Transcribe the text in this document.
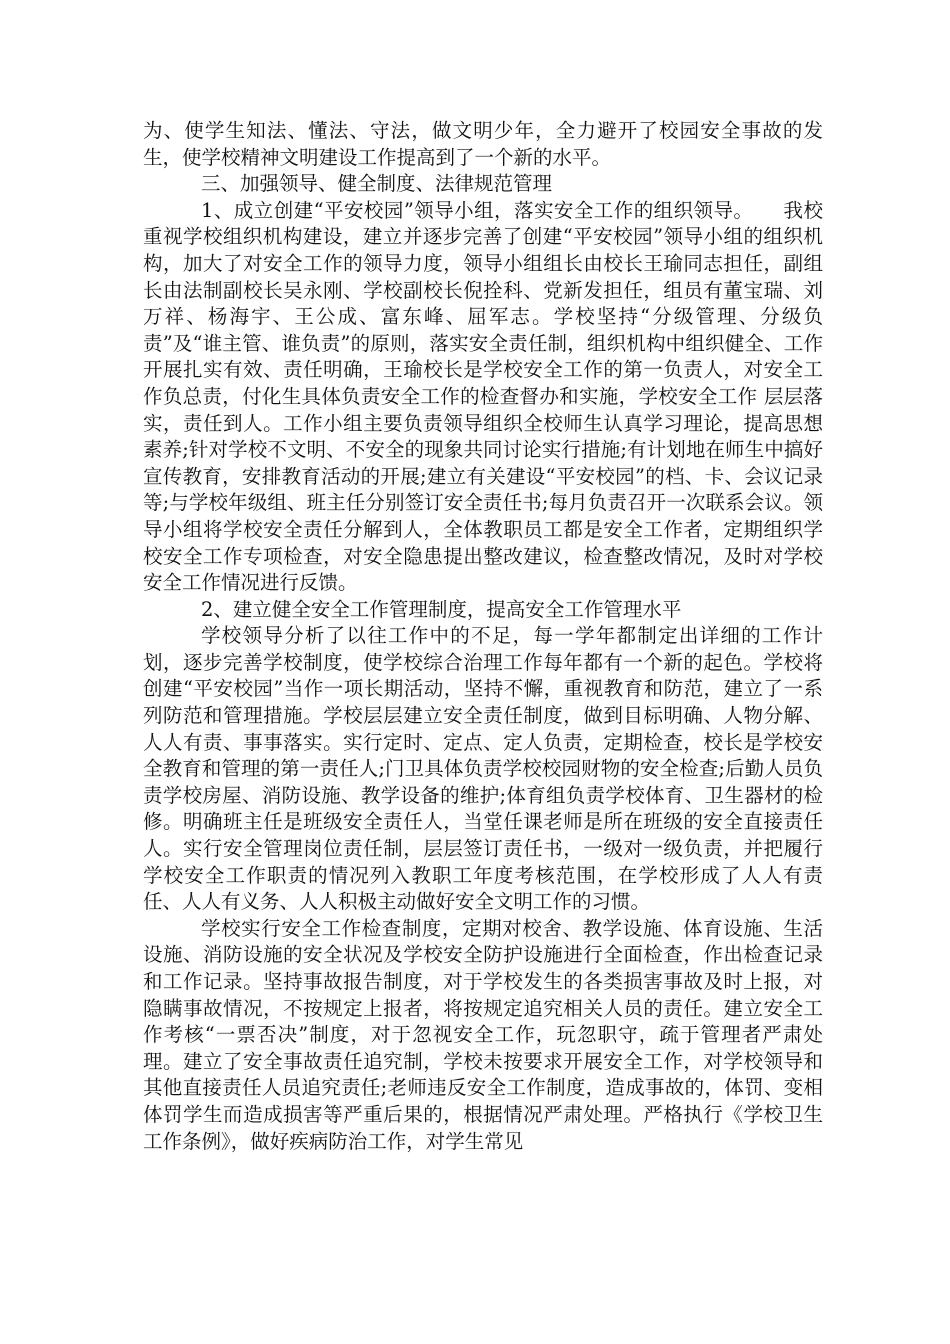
为、使学生知法、懂法、守法，做文明少年，全力避开了校园安全事故的发生，使学校精神文明建设工作提高到了一个新的水平。

三、加强领导、健全制度、法律规范管理

1、成立创建“平安校园”领导小组，落实安全工作的组织领导。　　我校重视学校组织机构建设，建立并逐步完善了创建“平安校园”领导小组的组织机构，加大了对安全工作的领导力度，领导小组组长由校长王瑜同志担任，副组长由法制副校长吴永刚、学校副校长倪拴科、党新发担任，组员有董宝瑞、刘万祥、杨海宇、王公成、富东峰、屈军志。学校坚持“分级管理、分级负责”及“谁主管、谁负责”的原则，落实安全责任制，组织机构中组织健全、工作开展扎实有效、责任明确，王瑜校长是学校安全工作的第一负责人，对安全工作负总责，付化生具体负责安全工作的检查督办和实施，学校安全工作 层层落实，责任到人。工作小组主要负责领导组织全校师生认真学习理论，提高思想素养;针对学校不文明、不安全的现象共同讨论实行措施;有计划地在师生中搞好宣传教育，安排教育活动的开展;建立有关建设“平安校园”的档、卡、会议记录等;与学校年级组、班主任分别签订安全责任书;每月负责召开一次联系会议。领导小组将学校安全责任分解到人，全体教职员工都是安全工作者，定期组织学校安全工作专项检查，对安全隐患提出整改建议，检查整改情况，及时对学校安全工作情况进行反馈。

2、建立健全安全工作管理制度，提高安全工作管理水平

学校领导分析了以往工作中的不足，每一学年都制定出详细的工作计划，逐步完善学校制度，使学校综合治理工作每年都有一个新的起色。学校将创建“平安校园”当作一项长期活动，坚持不懈，重视教育和防范，建立了一系列防范和管理措施。学校层层建立安全责任制度，做到目标明确、人物分解、人人有责、事事落实。实行定时、定点、定人负责，定期检查，校长是学校安全教育和管理的第一责任人;门卫具体负责学校校园财物的安全检查;后勤人员负责学校房屋、消防设施、教学设备的维护;体育组负责学校体育、卫生器材的检修。明确班主任是班级安全责任人，当堂任课老师是所在班级的安全直接责任人。实行安全管理岗位责任制，层层签订责任书，一级对一级负责，并把履行学校安全工作职责的情况列入教职工年度考核范围，在学校形成了人人有责任、人人有义务、人人积极主动做好安全文明工作的习惯。

学校实行安全工作检查制度，定期对校舍、教学设施、体育设施、生活设施、消防设施的安全状况及学校安全防护设施进行全面检查，作出检查记录和工作记录。坚持事故报告制度，对于学校发生的各类损害事故及时上报，对隐瞒事故情况，不按规定上报者，将按规定追究相关人员的责任。建立安全工作考核“一票否决”制度，对于忽视安全工作，玩忽职守，疏于管理者严肃处理。建立了安全事故责任追究制，学校未按要求开展安全工作，对学校领导和其他直接责任人员追究责任;老师违反安全工作制度，造成事故的，体罚、变相体罚学生而造成损害等严重后果的，根据情况严肃处理。严格执行《学校卫生工作条例》，做好疾病防治工作，对学生常见
